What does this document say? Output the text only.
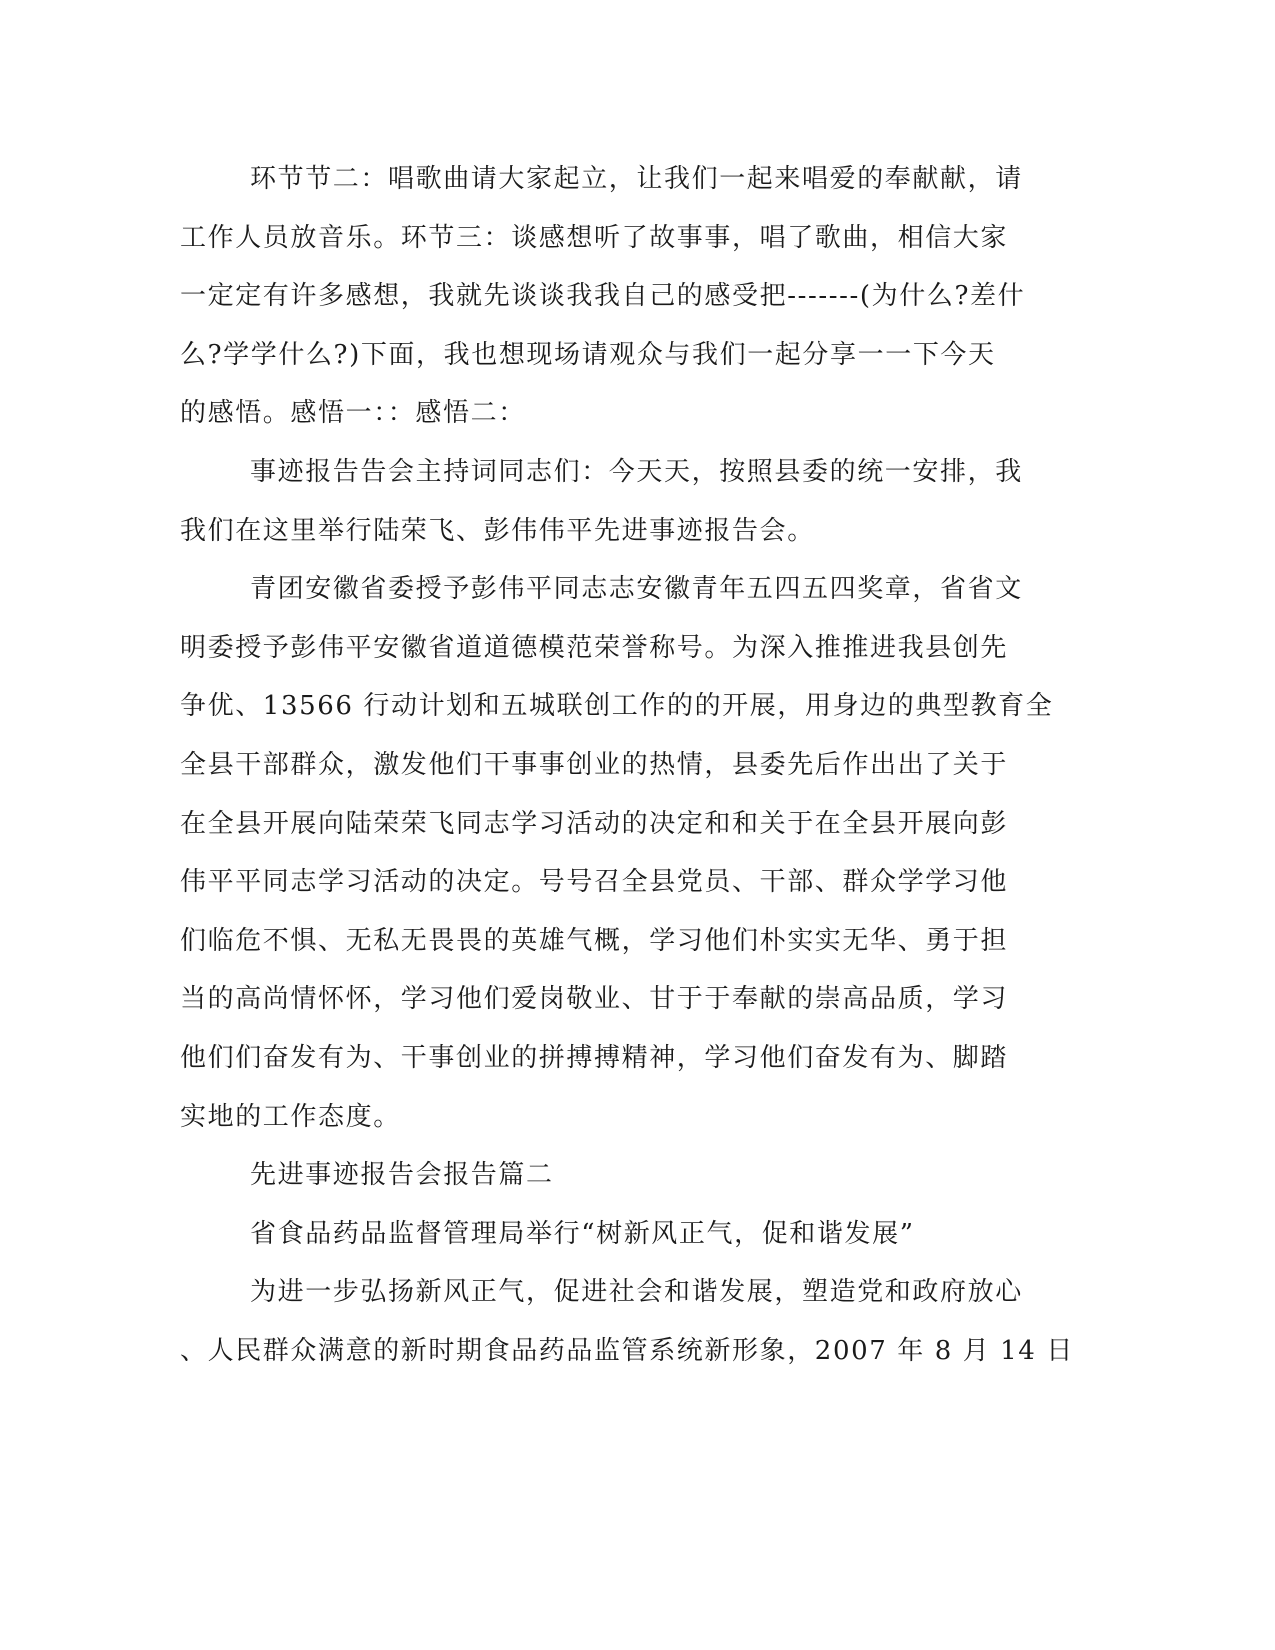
环节节二：唱歌曲请大家起立，让我们一起来唱爱的奉献献，请
工作人员放音乐。环节三：谈感想听了故事事，唱了歌曲，相信大家
一定定有许多感想，我就先谈谈我我自己的感受把-------(为什么?差什
么?学学什么?)下面，我也想现场请观众与我们一起分享一一下今天
的感悟。感悟一：：感悟二：
事迹报告告会主持词同志们：今天天，按照县委的统一安排，我
我们在这里举行陆荣飞、彭伟伟平先进事迹报告会。
青团安徽省委授予彭伟平同志志安徽青年五四五四奖章，省省文
明委授予彭伟平安徽省道道德模范荣誉称号。为深入推推进我县创先
争优、13566 行动计划和五城联创工作的的开展，用身边的典型教育全
全县干部群众，激发他们干事事创业的热情，县委先后作出出了关于
在全县开展向陆荣荣飞同志学习活动的决定和和关于在全县开展向彭
伟平平同志学习活动的决定。号号召全县党员、干部、群众学学习他
们临危不惧、无私无畏畏的英雄气概，学习他们朴实实无华、勇于担
当的高尚情怀怀，学习他们爱岗敬业、甘于于奉献的崇高品质，学习
他们们奋发有为、干事创业的拼搏搏精神，学习他们奋发有为、脚踏
实地的工作态度。
先进事迹报告会报告篇二
省食品药品监督管理局举行“树新风正气，促和谐发展”
为进一步弘扬新风正气，促进社会和谐发展，塑造党和政府放心
、人民群众满意的新时期食品药品监管系统新形象，2007 年 8 月 14 日
